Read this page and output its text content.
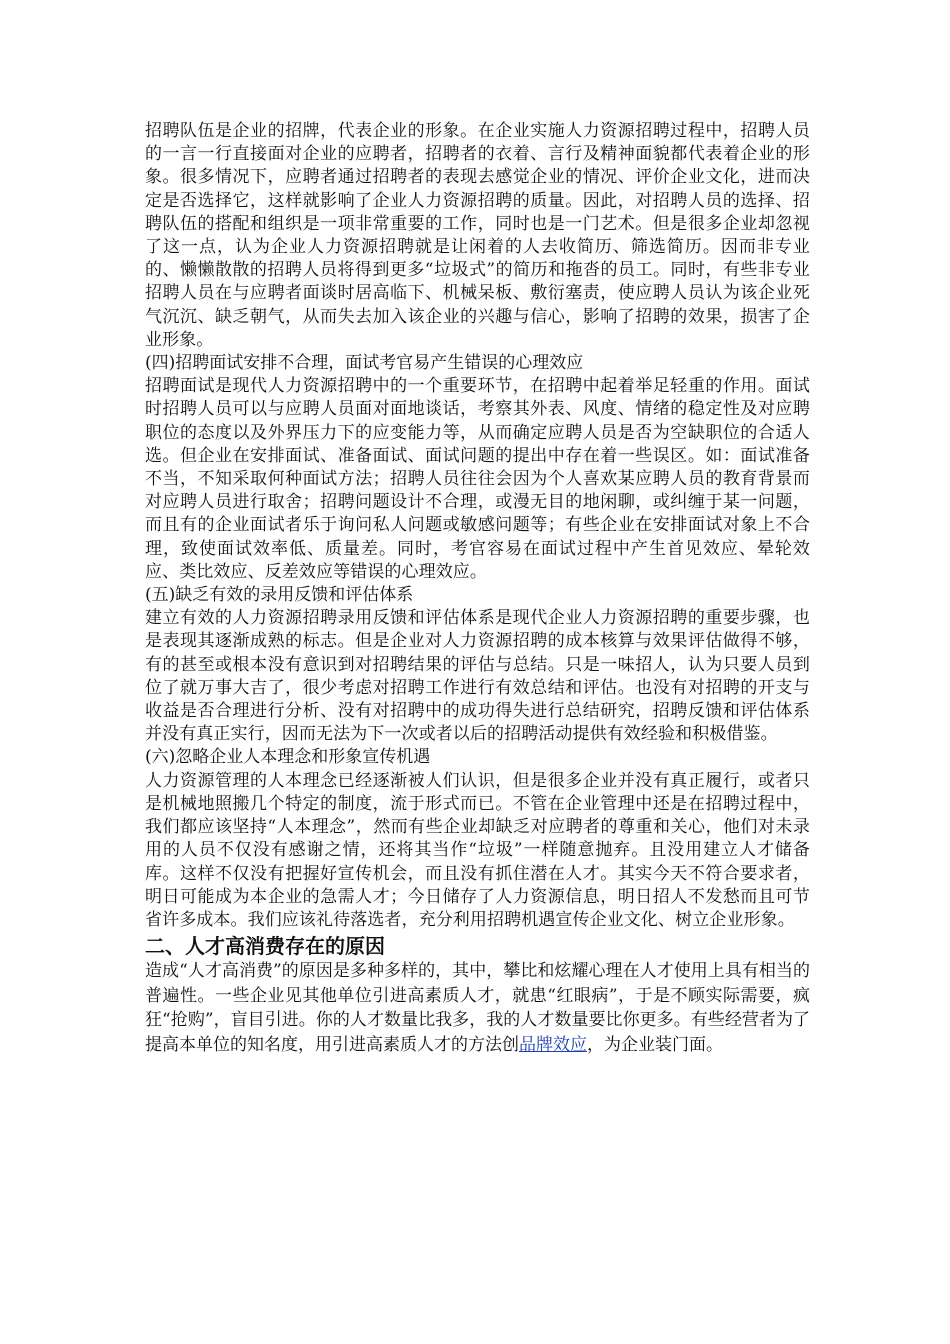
招聘队伍是企业的招牌，代表企业的形象。在企业实施人力资源招聘过程中，招聘人员的一言一行直接面对企业的应聘者，招聘者的衣着、言行及精神面貌都代表着企业的形象。很多情况下，应聘者通过招聘者的表现去感觉企业的情况、评价企业文化，进而决定是否选择它，这样就影响了企业人力资源招聘的质量。因此，对招聘人员的选择、招聘队伍的搭配和组织是一项非常重要的工作，同时也是一门艺术。但是很多企业却忽视了这一点，认为企业人力资源招聘就是让闲着的人去收简历、筛选简历。因而非专业的、懒懒散散的招聘人员将得到更多“垃圾式”的简历和拖沓的员工。同时，有些非专业招聘人员在与应聘者面谈时居高临下、机械呆板、敷衍塞责，使应聘人员认为该企业死气沉沉、缺乏朝气，从而失去加入该企业的兴趣与信心，影响了招聘的效果，损害了企业形象。

(四)招聘面试安排不合理，面试考官易产生错误的心理效应

招聘面试是现代人力资源招聘中的一个重要环节，在招聘中起着举足轻重的作用。面试时招聘人员可以与应聘人员面对面地谈话，考察其外表、风度、情绪的稳定性及对应聘职位的态度以及外界压力下的应变能力等，从而确定应聘人员是否为空缺职位的合适人选。但企业在安排面试、准备面试、面试问题的提出中存在着一些误区。如：面试准备不当，不知采取何种面试方法；招聘人员往往会因为个人喜欢某应聘人员的教育背景而对应聘人员进行取舍；招聘问题设计不合理，或漫无目的地闲聊，或纠缠于某一问题，而且有的企业面试者乐于询问私人问题或敏感问题等；有些企业在安排面试对象上不合理，致使面试效率低、质量差。同时，考官容易在面试过程中产生首见效应、晕轮效应、类比效应、反差效应等错误的心理效应。

(五)缺乏有效的录用反馈和评估体系

建立有效的人力资源招聘录用反馈和评估体系是现代企业人力资源招聘的重要步骤，也是表现其逐渐成熟的标志。但是企业对人力资源招聘的成本核算与效果评估做得不够，有的甚至或根本没有意识到对招聘结果的评估与总结。只是一味招人，认为只要人员到位了就万事大吉了，很少考虑对招聘工作进行有效总结和评估。也没有对招聘的开支与收益是否合理进行分析、没有对招聘中的成功得失进行总结研究，招聘反馈和评估体系并没有真正实行，因而无法为下一次或者以后的招聘活动提供有效经验和积极借鉴。

(六)忽略企业人本理念和形象宣传机遇

人力资源管理的人本理念已经逐渐被人们认识，但是很多企业并没有真正履行，或者只是机械地照搬几个特定的制度，流于形式而已。不管在企业管理中还是在招聘过程中，我们都应该坚持“人本理念”，然而有些企业却缺乏对应聘者的尊重和关心，他们对未录用的人员不仅没有感谢之情，还将其当作“垃圾”一样随意抛弃。且没用建立人才储备库。这样不仅没有把握好宣传机会，而且没有抓住潜在人才。其实今天不符合要求者，明日可能成为本企业的急需人才；今日储存了人力资源信息，明日招人不发愁而且可节省许多成本。我们应该礼待落选者，充分利用招聘机遇宣传企业文化、树立企业形象。

二、人才高消费存在的原因

造成“人才高消费”的原因是多种多样的，其中，攀比和炫耀心理在人才使用上具有相当的普遍性。一些企业见其他单位引进高素质人才，就患“红眼病”，于是不顾实际需要，疯狂“抢购”，盲目引进。你的人才数量比我多，我的人才数量要比你更多。有些经营者为了提高本单位的知名度，用引进高素质人才的方法创品牌效应，为企业装门面。
